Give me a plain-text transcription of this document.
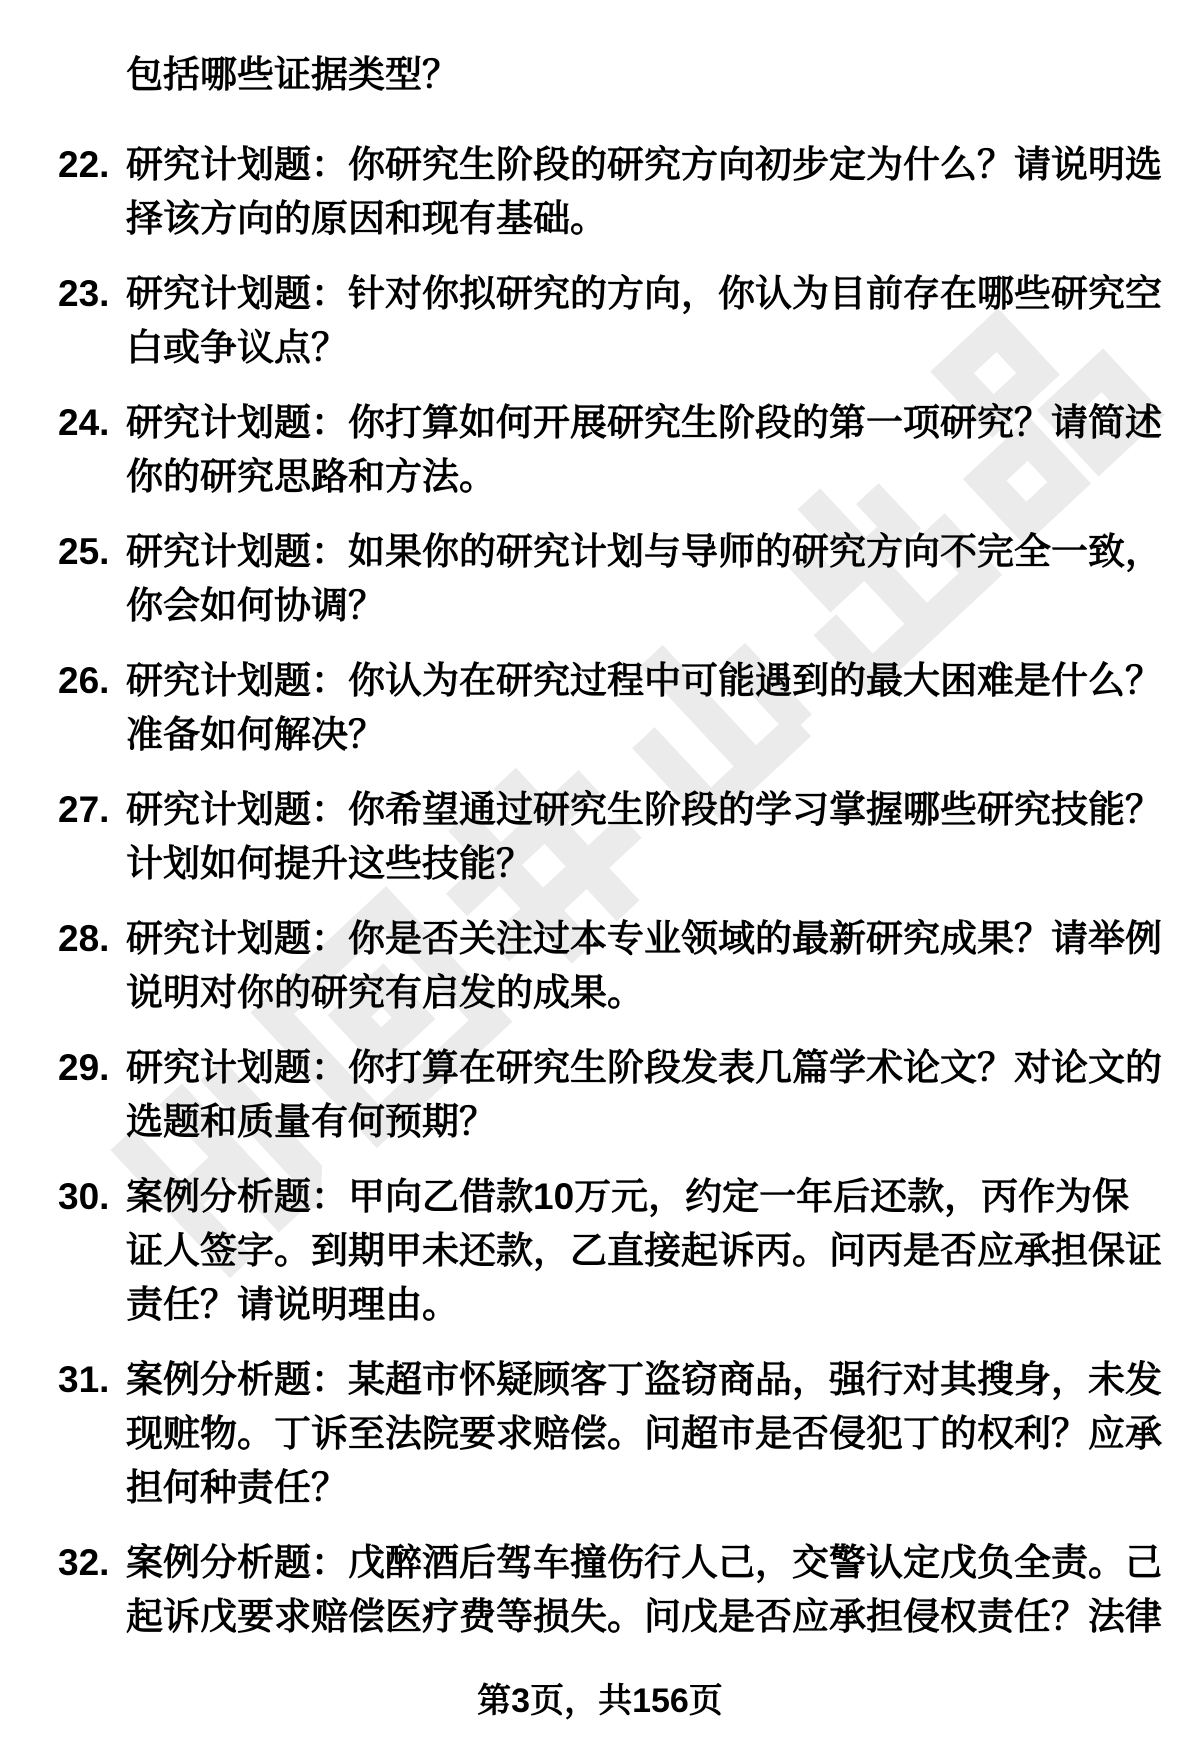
包括哪些证据类型？
22. 研究计划题：你研究生阶段的研究方向初步定为什么？请说明选择该方向的原因和现有基础。
23. 研究计划题：针对你拟研究的方向，你认为目前存在哪些研究空白或争议点？
24. 研究计划题：你打算如何开展研究生阶段的第一项研究？请简述你的研究思路和方法。
25. 研究计划题：如果你的研究计划与导师的研究方向不完全一致，你会如何协调？
26. 研究计划题：你认为在研究过程中可能遇到的最大困难是什么？准备如何解决？
27. 研究计划题：你希望通过研究生阶段的学习掌握哪些研究技能？计划如何提升这些技能？
28. 研究计划题：你是否关注过本专业领域的最新研究成果？请举例说明对你的研究有启发的成果。
29. 研究计划题：你打算在研究生阶段发表几篇学术论文？对论文的选题和质量有何预期？
30. 案例分析题：甲向乙借款10万元，约定一年后还款，丙作为保证人签字。到期甲未还款，乙直接起诉丙。问丙是否应承担保证责任？请说明理由。
31. 案例分析题：某超市怀疑顾客丁盗窃商品，强行对其搜身，未发现赃物。丁诉至法院要求赔偿。问超市是否侵犯丁的权利？应承担何种责任？
32. 案例分析题：戊醉酒后驾车撞伤行人己，交警认定戊负全责。己起诉戊要求赔偿医疗费等损失。问戊是否应承担侵权责任？法律
第3页，共156页
